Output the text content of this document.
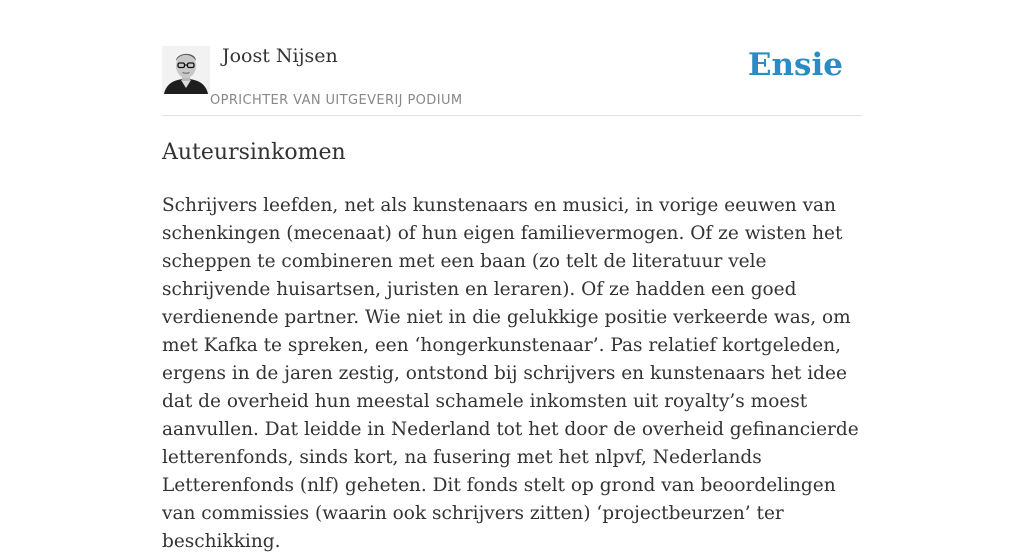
Joost Nijsen
OPRICHTER VAN UITGEVERIJ PODIUM
Ensie
Auteursinkomen

Schrijvers leefden, net als kunstenaars en musici, in vorige eeuwen van schenkingen (mecenaat) of hun eigen familievermogen. Of ze wisten het scheppen te combineren met een baan (zo telt de literatuur vele schrijvende huisartsen, juristen en leraren). Of ze hadden een goed verdienende partner. Wie niet in die gelukkige positie verkeerde was, om met Kafka te spreken, een ‘hongerkunstenaar’. Pas relatief kortgeleden, ergens in de jaren zestig, ontstond bij schrijvers en kunstenaars het idee dat de overheid hun meestal schamele inkomsten uit royalty’s moest aanvullen. Dat leidde in Nederland tot het door de overheid gefinancierde letterenfonds, sinds kort, na fusering met het nlpvf, Nederlands Letterenfonds (nlf) geheten. Dit fonds stelt op grond van beoordelingen van commissies (waarin ook schrijvers zitten) ‘projectbeurzen’ ter beschikking.
